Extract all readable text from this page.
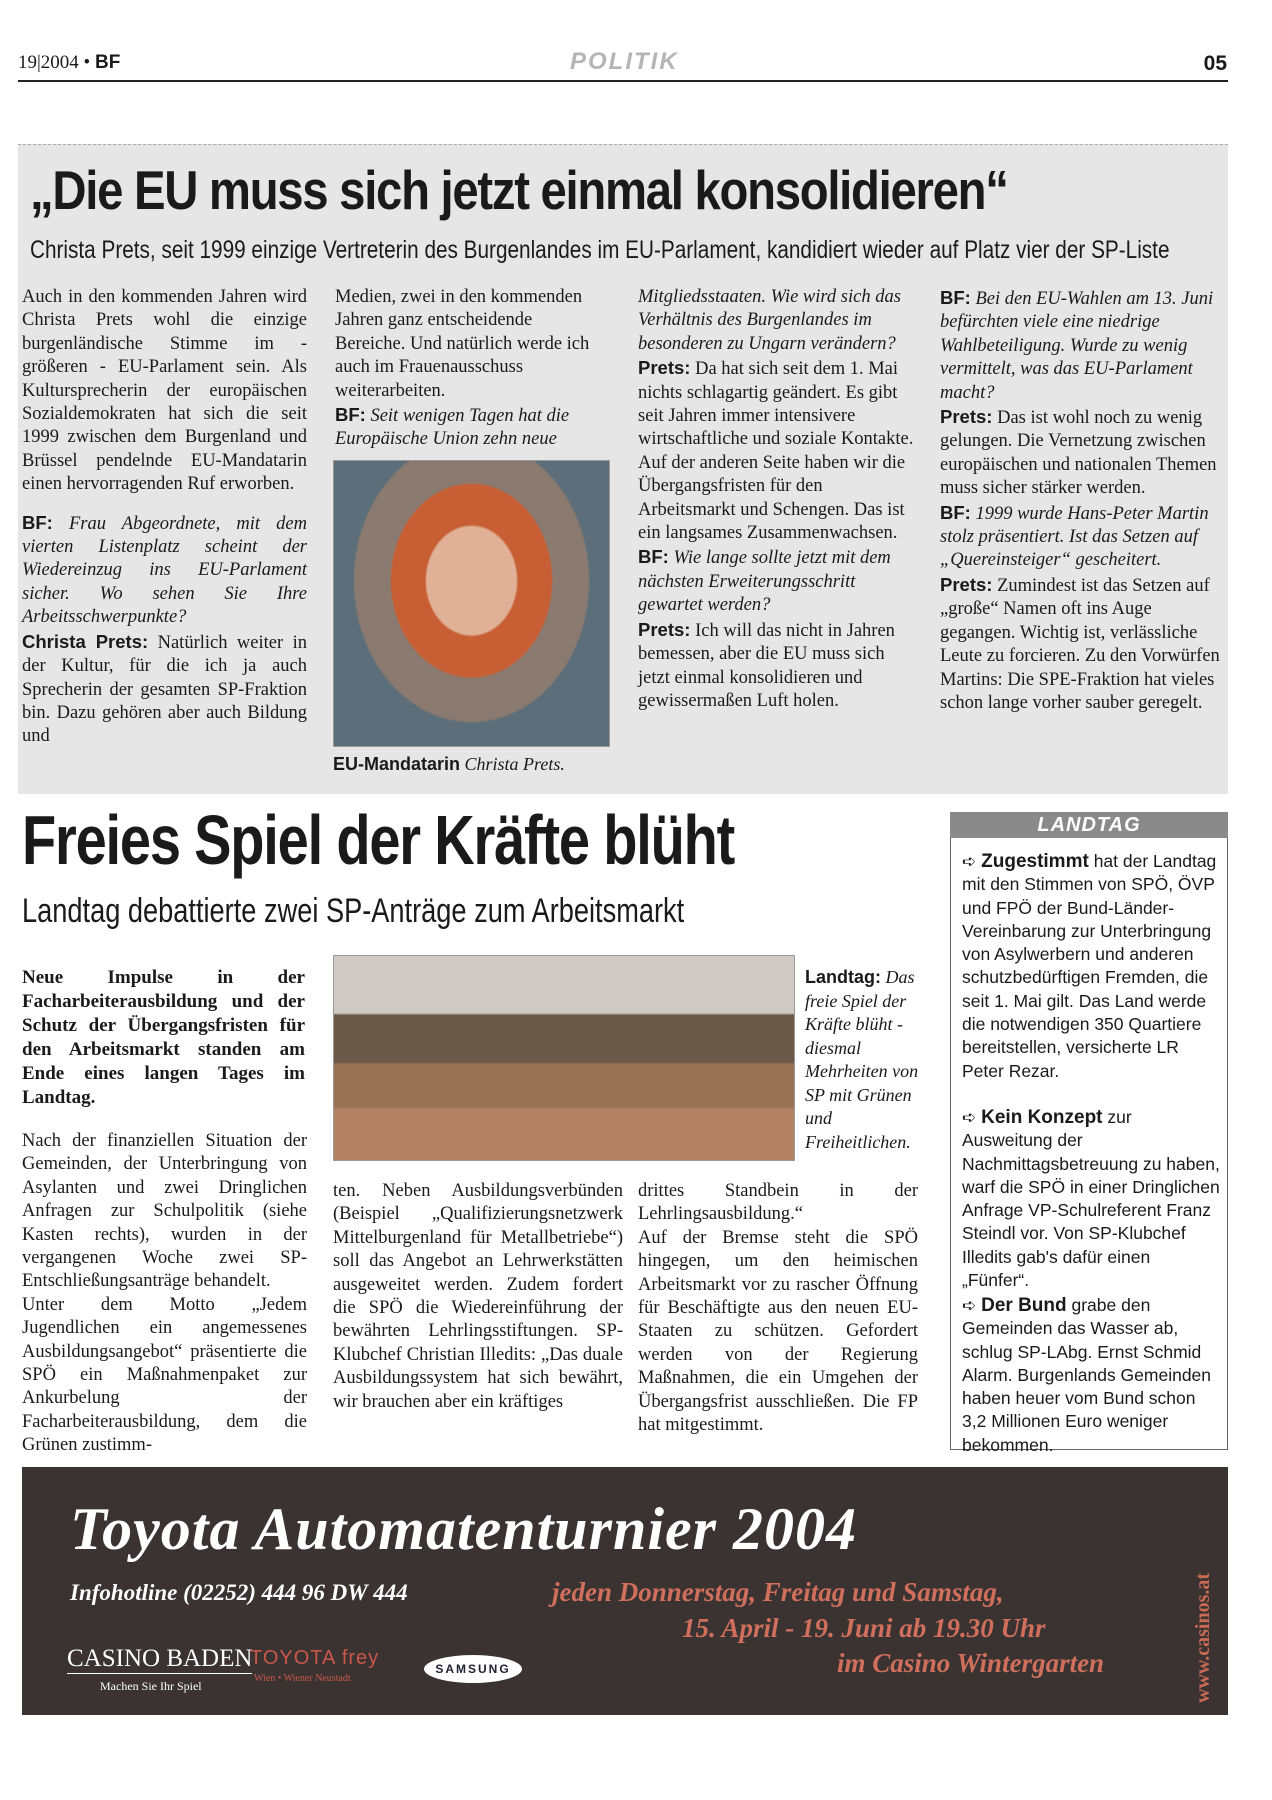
19|2004 • BF	POLITIK	05
„Die EU muss sich jetzt einmal konsolidieren“
Christa Prets, seit 1999 einzige Vertreterin des Burgenlandes im EU-Parlament, kandidiert wieder auf Platz vier der SP-Liste

Auch in den kommenden Jahren wird Christa Prets wohl die einzige burgenländische Stimme im - größeren - EU-Parlament sein. Als Kultursprecherin der europäischen Sozialdemokraten hat sich die seit 1999 zwischen dem Burgenland und Brüssel pendelnde EU-Mandatarin einen hervorragenden Ruf erworben.

BF: Frau Abgeordnete, mit dem vierten Listenplatz scheint der Wiedereinzug ins EU-Parlament sicher. Wo sehen Sie Ihre Arbeitsschwerpunkte?

Christa Prets: Natürlich weiter in der Kultur, für die ich ja auch Sprecherin der gesamten SP-Fraktion bin. Dazu gehören aber auch Bildung und

Medien, zwei in den kommenden Jahren ganz entscheidende Bereiche. Und natürlich werde ich auch im Frauenausschuss weiterarbeiten.

BF: Seit wenigen Tagen hat die Europäische Union zehn neue

EU-Mandatarin Christa Prets.

Mitgliedsstaaten. Wie wird sich das Verhältnis des Burgenlandes im besonderen zu Ungarn verändern?

Prets: Da hat sich seit dem 1. Mai nichts schlagartig geändert. Es gibt seit Jahren immer intensivere wirtschaftliche und soziale Kontakte. Auf der anderen Seite haben wir die Übergangsfristen für den Arbeitsmarkt und Schengen. Das ist ein langsames Zusammenwachsen.

BF: Wie lange sollte jetzt mit dem nächsten Erweiterungsschritt gewartet werden?

Prets: Ich will das nicht in Jahren bemessen, aber die EU muss sich jetzt einmal konsolidieren und gewissermaßen Luft holen.

BF: Bei den EU-Wahlen am 13. Juni befürchten viele eine niedrige Wahlbeteiligung. Wurde zu wenig vermittelt, was das EU-Parlament macht?

Prets: Das ist wohl noch zu wenig gelungen. Die Vernetzung zwischen europäischen und nationalen Themen muss sicher stärker werden.

BF: 1999 wurde Hans-Peter Martin stolz präsentiert. Ist das Setzen auf „Quereinsteiger“ gescheitert.

Prets: Zumindest ist das Setzen auf „große“ Namen oft ins Auge gegangen. Wichtig ist, verlässliche Leute zu forcieren. Zu den Vorwürfen Martins: Die SPE-Fraktion hat vieles schon lange vorher sauber geregelt.

Freies Spiel der Kräfte blüht
Landtag debattierte zwei SP-Anträge zum Arbeitsmarkt
Neue Impulse in der Facharbeiterausbildung und der Schutz der Übergangsfristen für den Arbeitsmarkt standen am Ende eines langen Tages im Landtag.

Nach der finanziellen Situation der Gemeinden, der Unterbringung von Asylanten und zwei Dringlichen Anfragen zur Schulpolitik (siehe Kasten rechts), wurden in der vergangenen Woche zwei SP-Entschließungsanträge behandelt.

Unter dem Motto „Jedem Jugendlichen ein angemessenes Ausbildungsangebot“ präsentierte die SPÖ ein Maßnahmenpaket zur Ankurbelung der Facharbeiterausbildung, dem die Grünen zustimm-

Landtag: Das freie Spiel der Kräfte blüht - diesmal Mehrheiten von SP mit Grünen und Freiheitlichen.

ten. Neben Ausbildungsverbünden (Beispiel „Qualifizierungsnetzwerk Mittelburgenland für Metallbetriebe“) soll das Angebot an Lehrwerkstätten ausgeweitet werden. Zudem fordert die SPÖ die Wiedereinführung der bewährten Lehrlingsstiftungen. SP-Klubchef Christian Illedits: „Das duale Ausbildungssystem hat sich bewährt, wir brauchen aber ein kräftiges

drittes Standbein in der Lehrlingsausbildung.“

Auf der Bremse steht die SPÖ hingegen, um den heimischen Arbeitsmarkt vor zu rascher Öffnung für Beschäftigte aus den neuen EU-Staaten zu schützen. Gefordert werden von der Regierung Maßnahmen, die ein Umgehen der Übergangsfrist ausschließen. Die FP hat mitgestimmt.

LANDTAG
➪ Zugestimmt hat der Landtag mit den Stimmen von SPÖ, ÖVP und FPÖ der Bund-Länder-Vereinbarung zur Unterbringung von Asylwerbern und anderen schutzbedürftigen Fremden, die seit 1. Mai gilt. Das Land werde die notwendigen 350 Quartiere bereitstellen, versicherte LR Peter Rezar.
➪ Kein Konzept zur Ausweitung der Nachmittagsbetreuung zu haben, warf die SPÖ in einer Dringlichen Anfrage VP-Schulreferent Franz Steindl vor. Von SP-Klubchef Illedits gab's dafür einen „Fünfer“.
➪ Der Bund grabe den Gemeinden das Wasser ab, schlug SP-LAbg. Ernst Schmid Alarm. Burgenlands Gemeinden haben heuer vom Bund schon 3,2 Millionen Euro weniger bekommen.
Toyota Automatenturnier 2004
Infohotline (02252) 444 96 DW 444	jeden Donnerstag, Freitag und Samstag,
15. April - 19. Juni ab 19.30 Uhr
im Casino Wintergarten	www.casinos.at
CASINO BADEN
Machen Sie Ihr Spiel
TOYOTA frey
Wien • Wiener Neustadt
SAMSUNG
